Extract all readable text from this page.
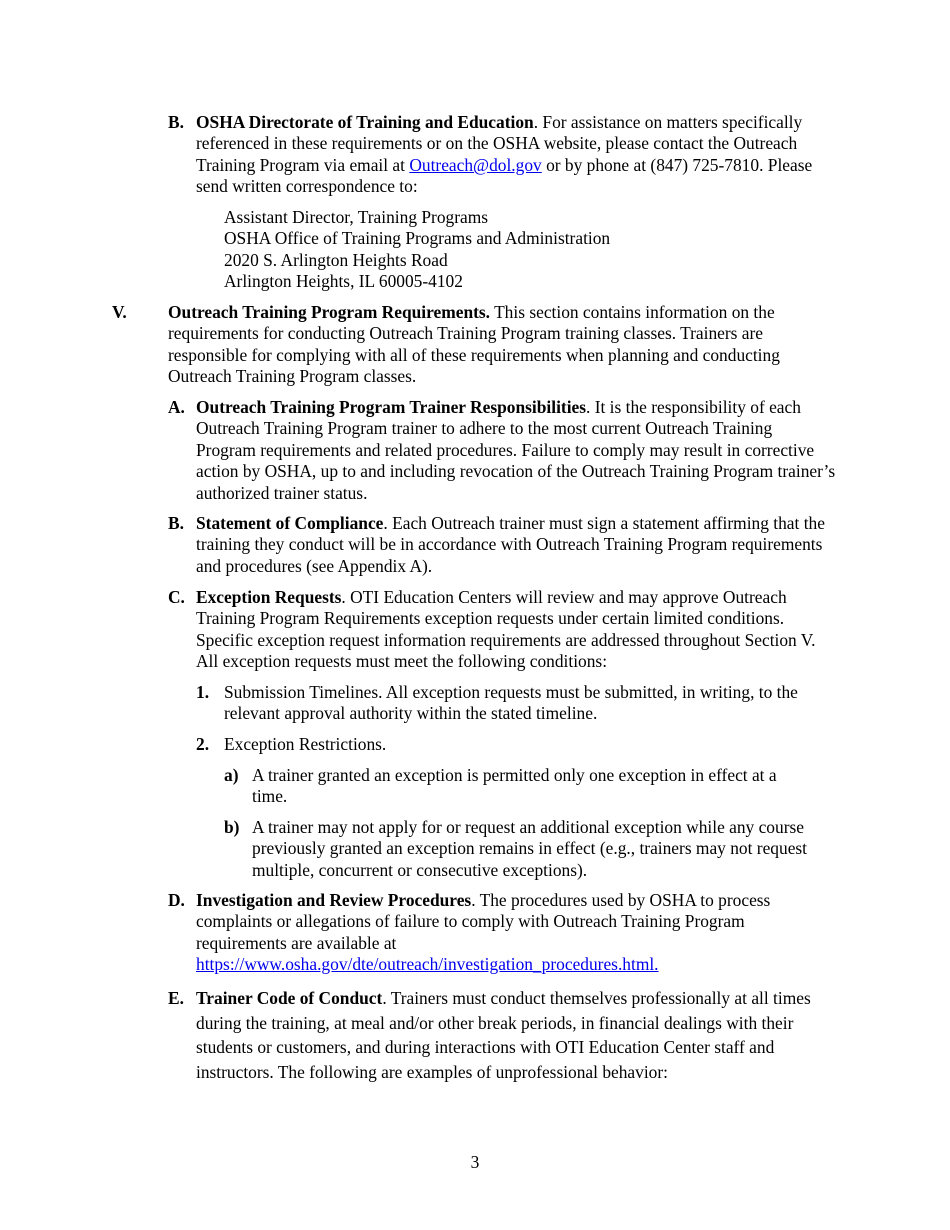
B. OSHA Directorate of Training and Education. For assistance on matters specifically referenced in these requirements or on the OSHA website, please contact the Outreach Training Program via email at Outreach@dol.gov or by phone at (847) 725-7810. Please send written correspondence to:
Assistant Director, Training Programs
OSHA Office of Training Programs and Administration
2020 S. Arlington Heights Road
Arlington Heights, IL 60005-4102
V. Outreach Training Program Requirements. This section contains information on the requirements for conducting Outreach Training Program training classes. Trainers are responsible for complying with all of these requirements when planning and conducting Outreach Training Program classes.
A. Outreach Training Program Trainer Responsibilities. It is the responsibility of each Outreach Training Program trainer to adhere to the most current Outreach Training Program requirements and related procedures. Failure to comply may result in corrective action by OSHA, up to and including revocation of the Outreach Training Program trainer’s authorized trainer status.
B. Statement of Compliance. Each Outreach trainer must sign a statement affirming that the training they conduct will be in accordance with Outreach Training Program requirements and procedures (see Appendix A).
C. Exception Requests. OTI Education Centers will review and may approve Outreach Training Program Requirements exception requests under certain limited conditions. Specific exception request information requirements are addressed throughout Section V. All exception requests must meet the following conditions:
1. Submission Timelines. All exception requests must be submitted, in writing, to the relevant approval authority within the stated timeline.
2. Exception Restrictions.
a) A trainer granted an exception is permitted only one exception in effect at a time.
b) A trainer may not apply for or request an additional exception while any course previously granted an exception remains in effect (e.g., trainers may not request multiple, concurrent or consecutive exceptions).
D. Investigation and Review Procedures. The procedures used by OSHA to process complaints or allegations of failure to comply with Outreach Training Program requirements are available at
https://www.osha.gov/dte/outreach/investigation_procedures.html.
E. Trainer Code of Conduct. Trainers must conduct themselves professionally at all times during the training, at meal and/or other break periods, in financial dealings with their students or customers, and during interactions with OTI Education Center staff and instructors. The following are examples of unprofessional behavior:
3
